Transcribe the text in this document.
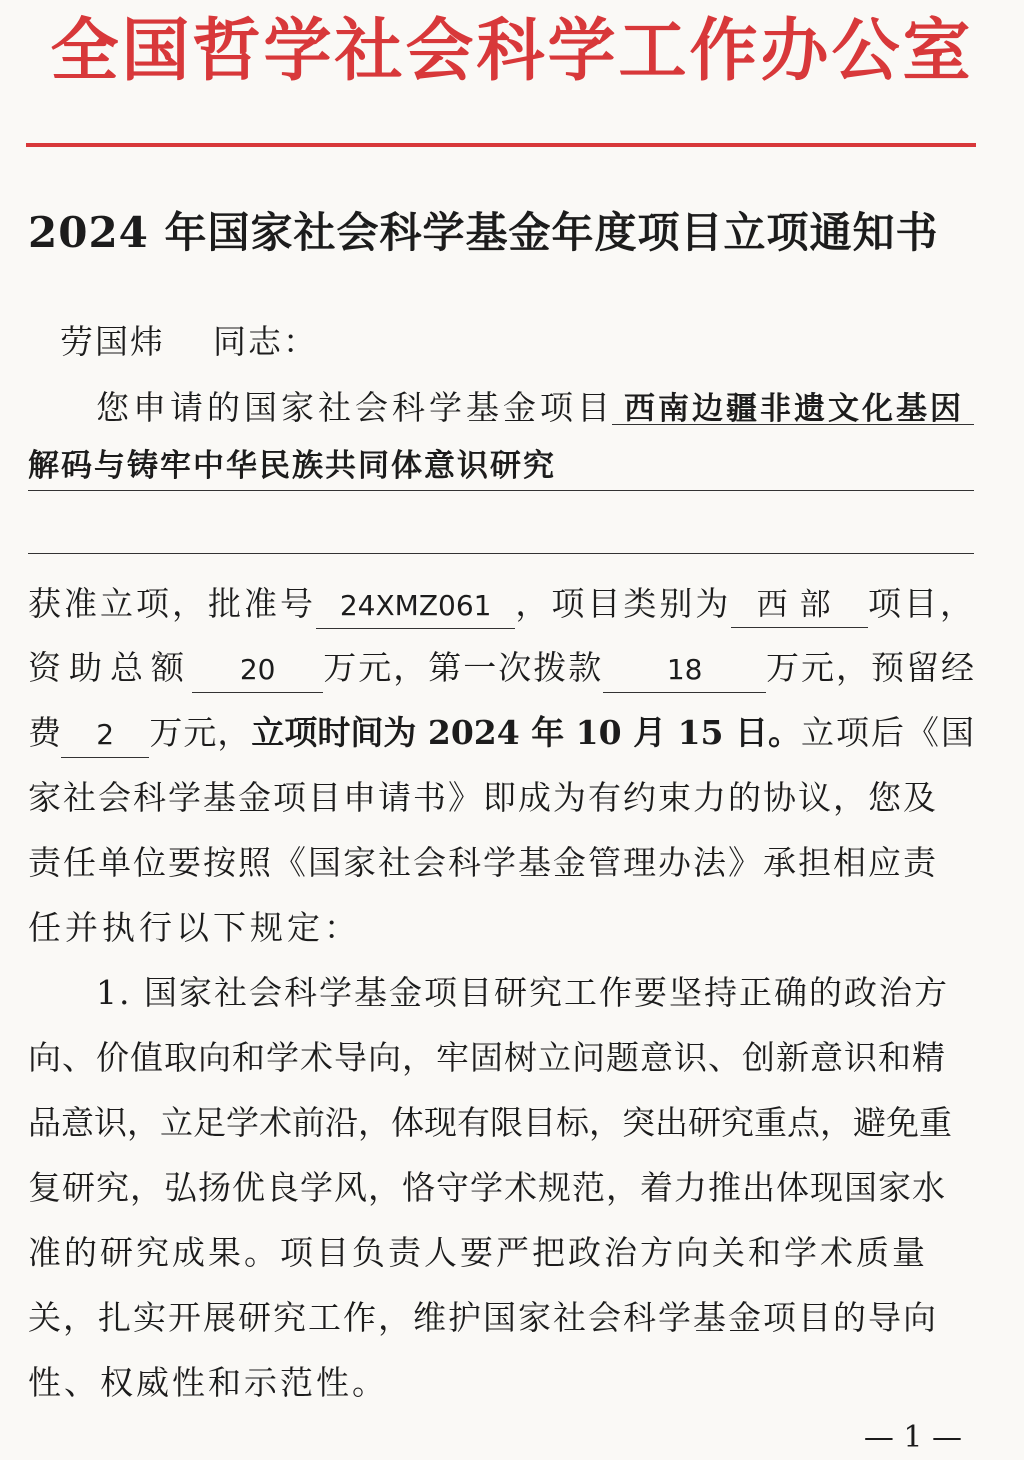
全国哲学社会科学工作办公室
2024 年国家社会科学基金年度项目立项通知书
劳国炜 同志：
您申请的国家社会科学基金项目 西南边疆非遗文化基因
解码与铸牢中华民族共同体意识研究
获准立项，批准号 24XMZ061 ，项目类别为 西部 项目，
资助总额	20	万元，第一次拨款	18	万元，预留经
费	2	万元， 立项时间为 2024 年 10 月 15 日。 立项后《国
家社会科学基金项目申请书》即成为有约束力的协议，您及
责任单位要按照《国家社会科学基金管理办法》承担相应责
任并执行以下规定：
1. 国家社会科学基金项目研究工作要坚持正确的政治方
向、价值取向和学术导向，牢固树立问题意识、创新意识和精
品意识，立足学术前沿，体现有限目标，突出研究重点，避免重
复研究，弘扬优良学风，恪守学术规范，着力推出体现国家水
准的研究成果。项目负责人要严把政治方向关和学术质量
关，扎实开展研究工作，维护国家社会科学基金项目的导向
性、权威性和示范性。
— 1 —
